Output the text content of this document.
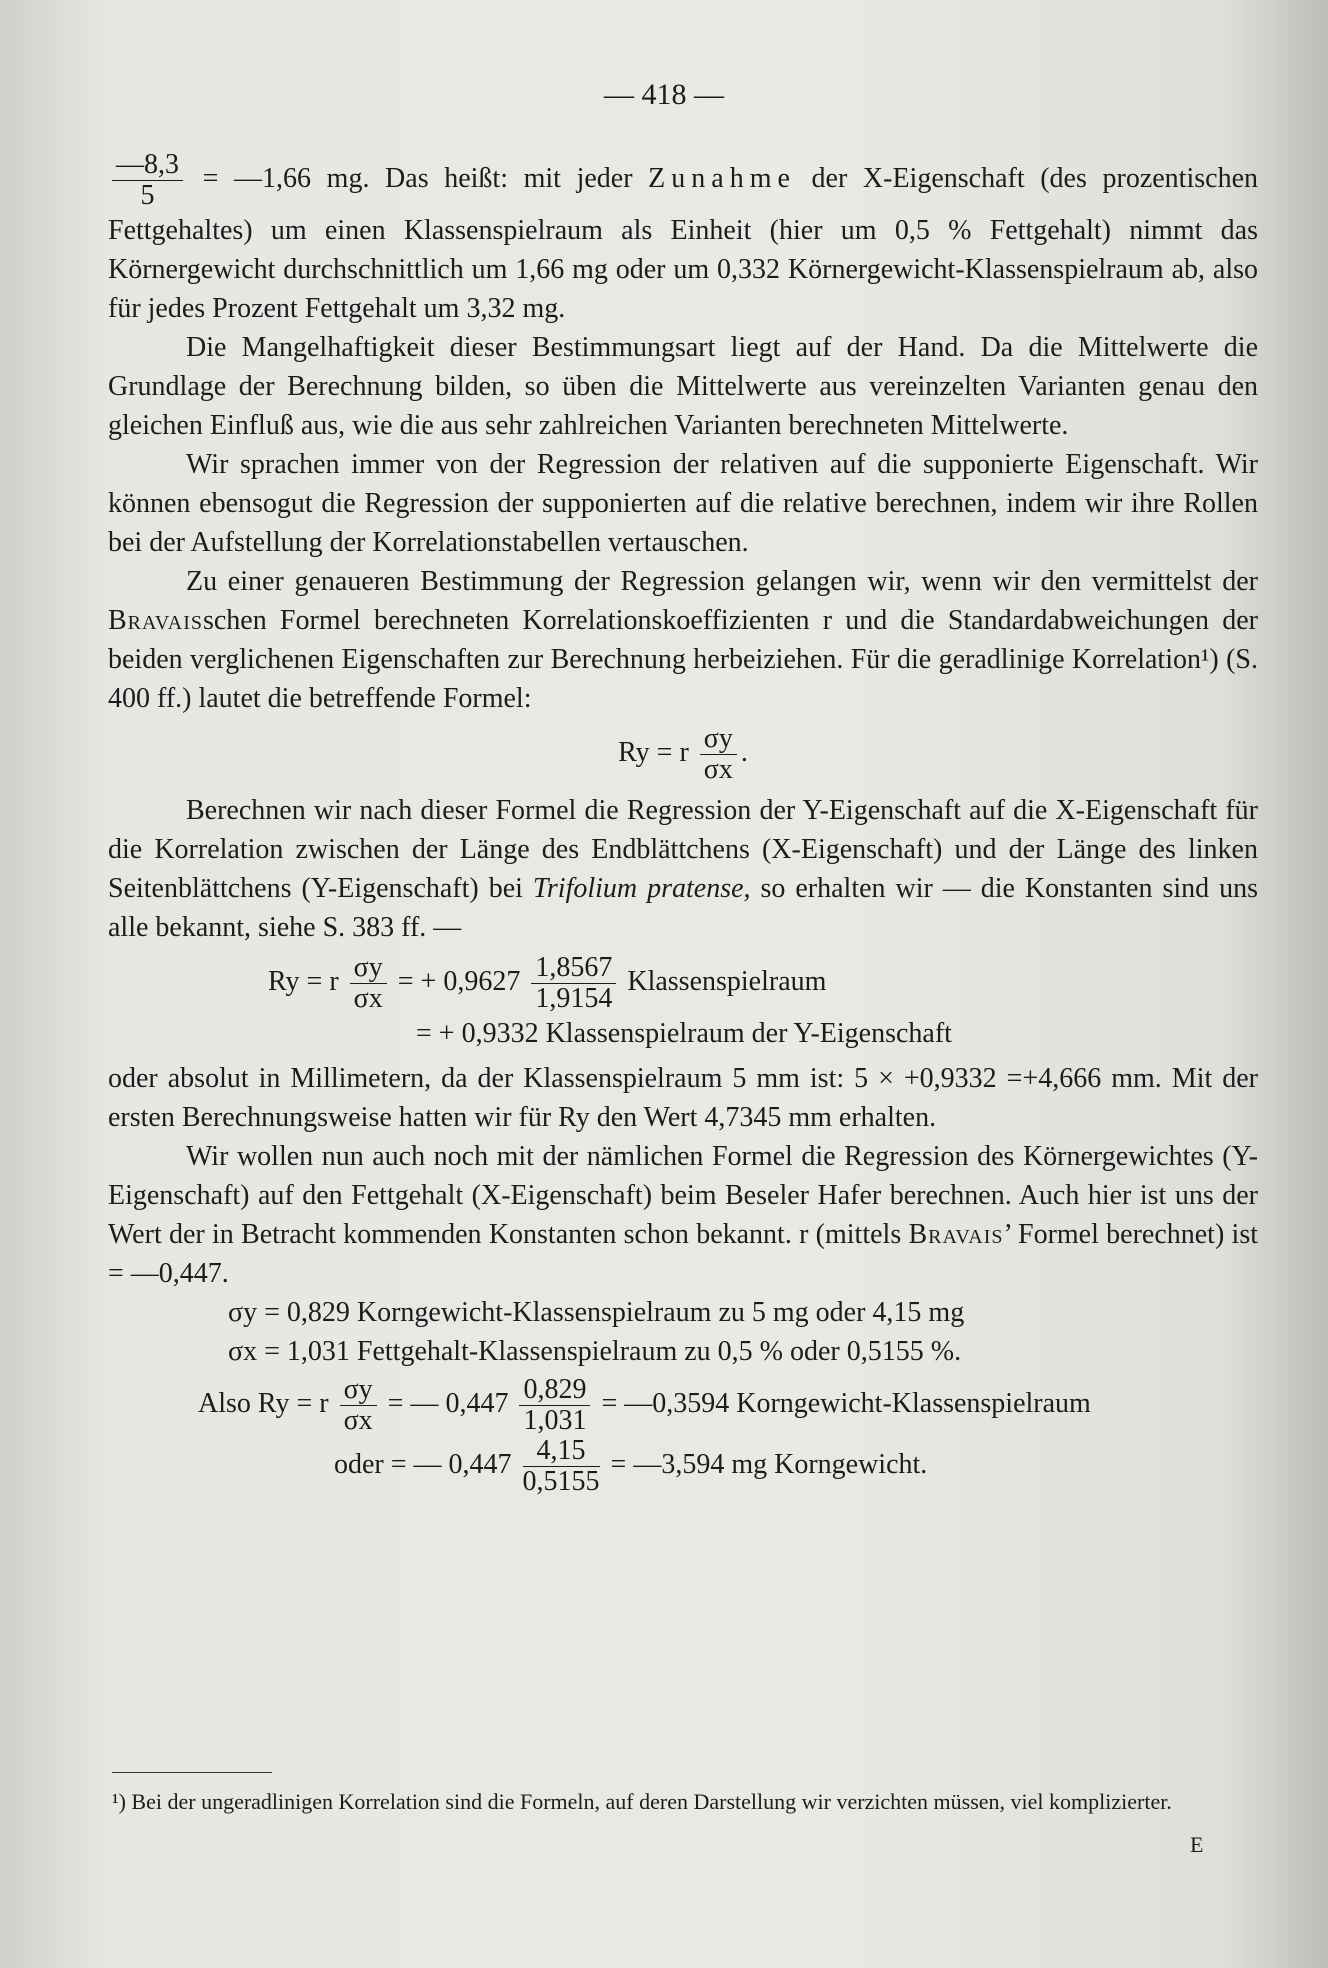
— 418 —

$\frac{—8,3}{5}$ = —1,66 mg. Das heißt: mit jeder Zunahme der X-Eigenschaft (des prozentischen Fettgehaltes) um einen Klassenspielraum als Einheit (hier um 0,5 % Fettgehalt) nimmt das Körnergewicht durchschnittlich um 1,66 mg oder um 0,332 Körnergewicht-Klassenspielraum ab, also für jedes Prozent Fettgehalt um 3,32 mg.

Die Mangelhaftigkeit dieser Bestimmungsart liegt auf der Hand. Da die Mittelwerte die Grundlage der Berechnung bilden, so üben die Mittelwerte aus vereinzelten Varianten genau den gleichen Einfluß aus, wie die aus sehr zahlreichen Varianten berechneten Mittelwerte.

Wir sprachen immer von der Regression der relativen auf die supponierte Eigenschaft. Wir können ebensogut die Regression der supponierten auf die relative berechnen, indem wir ihre Rollen bei der Aufstellung der Korrelationstabellen vertauschen.

Zu einer genaueren Bestimmung der Regression gelangen wir, wenn wir den vermittelst der Bravaisschen Formel berechneten Korrelationskoeffizienten r und die Standardabweichungen der beiden verglichenen Eigenschaften zur Berechnung herbeiziehen. Für die geradlinige Korrelation¹) (S. 400 ff.) lautet die betreffende Formel:

Ry = r $\frac{\sigma y}{\sigma x}$ .

Berechnen wir nach dieser Formel die Regression der Y-Eigenschaft auf die X-Eigenschaft für die Korrelation zwischen der Länge des Endblättchens (X-Eigenschaft) und der Länge des linken Seitenblättchens (Y-Eigenschaft) bei Trifolium pratense, so erhalten wir — die Konstanten sind uns alle bekannt, siehe S. 383 ff. —

Ry = r $\frac{\sigma y}{\sigma x}$ = + $0,9627 \frac{1,8567}{1,9154}$ Klassenspielraum
= + 0,9332 Klassenspielraum der Y-Eigenschaft

oder absolut in Millimetern, da der Klassenspielraum 5 mm ist: 5 × +0,9332 =+4,666 mm. Mit der ersten Berechnungsweise hatten wir für Ry den Wert 4,7345 mm erhalten.

Wir wollen nun auch noch mit der nämlichen Formel die Regression des Körnergewichtes (Y-Eigenschaft) auf den Fettgehalt (X-Eigenschaft) beim Beseler Hafer berechnen. Auch hier ist uns der Wert der in Betracht kommenden Konstanten schon bekannt. r (mittels Bravais’ Formel berechnet) ist = —0,447.

σy = 0,829 Korngewicht-Klassenspielraum zu 5 mg oder 4,15 mg
σx = 1,031 Fettgehalt-Klassenspielraum zu 0,5 % oder 0,5155 %.
Also Ry = r $\frac{\sigma y}{\sigma x}$ = — $0,447 \frac{0,829}{1,031}$ = —0,3594 Korngewicht-Klassenspielraum
oder = — $0,447 \frac{4,15}{0,5155}$ = —3,594 mg Korngewicht.
¹) Bei der ungeradlinigen Korrelation sind die Formeln, auf deren Darstellung wir verzichten müssen, viel komplizierter.
E
